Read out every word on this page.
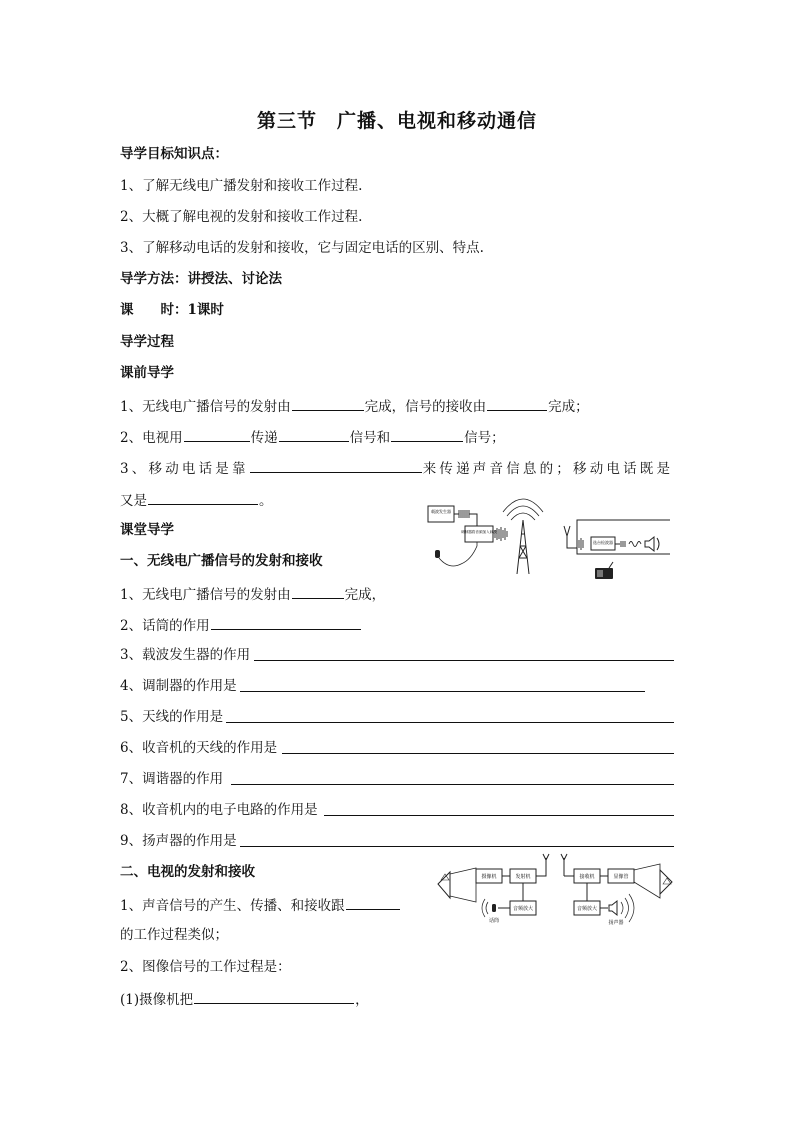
第三节　广播、电视和移动通信
导学目标知识点：
1、了解无线电广播发射和接收工作过程.
2、大概了解电视的发射和接收工作过程.
3、了解移动电话的发射和接收，它与固定电话的区别、特点.
导学方法：讲授法、讨论法
课　　时：1课时
导学过程
课前导学
1、无线电广播信号的发射由	完成，信号的接收由	完成；
2、电视用	传递	信号和	信号；
3、移动电话是靠	来传递声音信息的；移动电话既是
又是	。
课堂导学
一、无线电广播信号的发射和接收
1、无线电广播信号的发射由	完成，
2、话筒的作用
3、载波发生器的作用
4、调制器的作用是
5、天线的作用是
6、收音机的天线的作用是
7、调谐器的作用
8、收音机内的电子电路的作用是
9、扬声器的作用是
二、电视的发射和接收
1、声音信号的产生、传播、和接收跟
的工作过程类似；
2、图像信号的工作过程是：
(1)摄像机把	，
载波发生器
调制器将音频加入载波
选台检波器
摄像机	发射机
音频放大
话筒
接收机	显像管
音频放大
扬声器
